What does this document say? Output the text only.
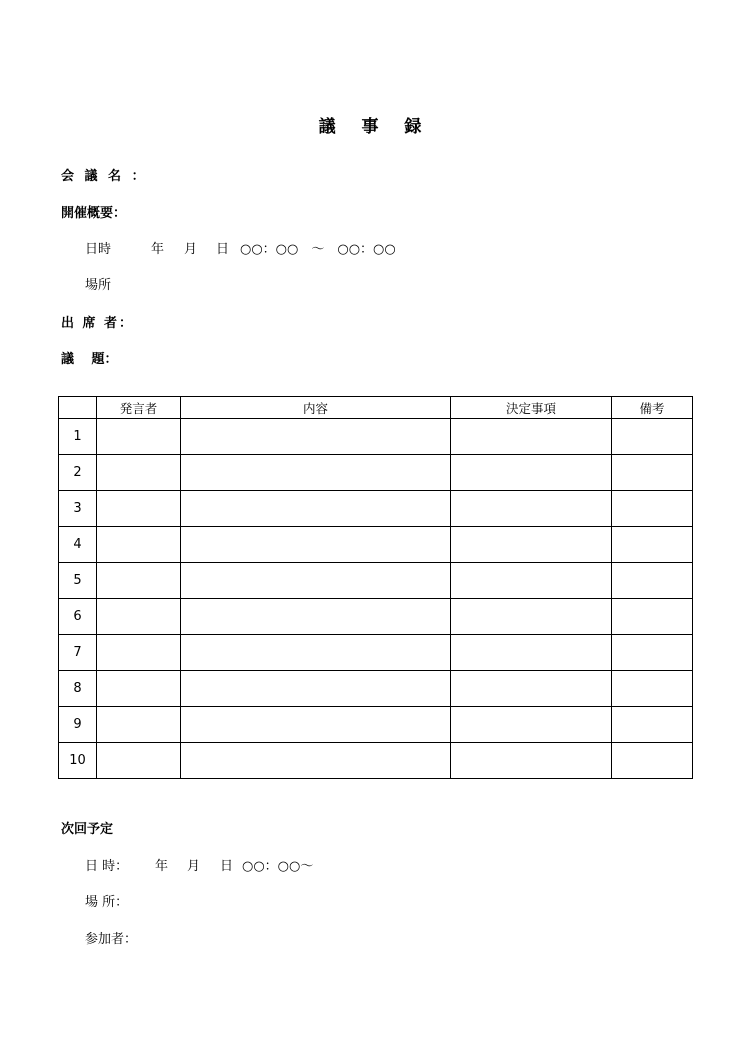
議 事 録
会 議 名 ：
開催概要：
日時	年 月 日 ○○：○○　～　○○：○○
場所
出 席 者：
議　 題：
	発言者	内容	決定事項	備考
1				
2				
3				
4				
5				
6				
7				
8				
9				
10				
次回予定
日 時： 年 月 日 ○○：○○～
場 所：
参加者：
